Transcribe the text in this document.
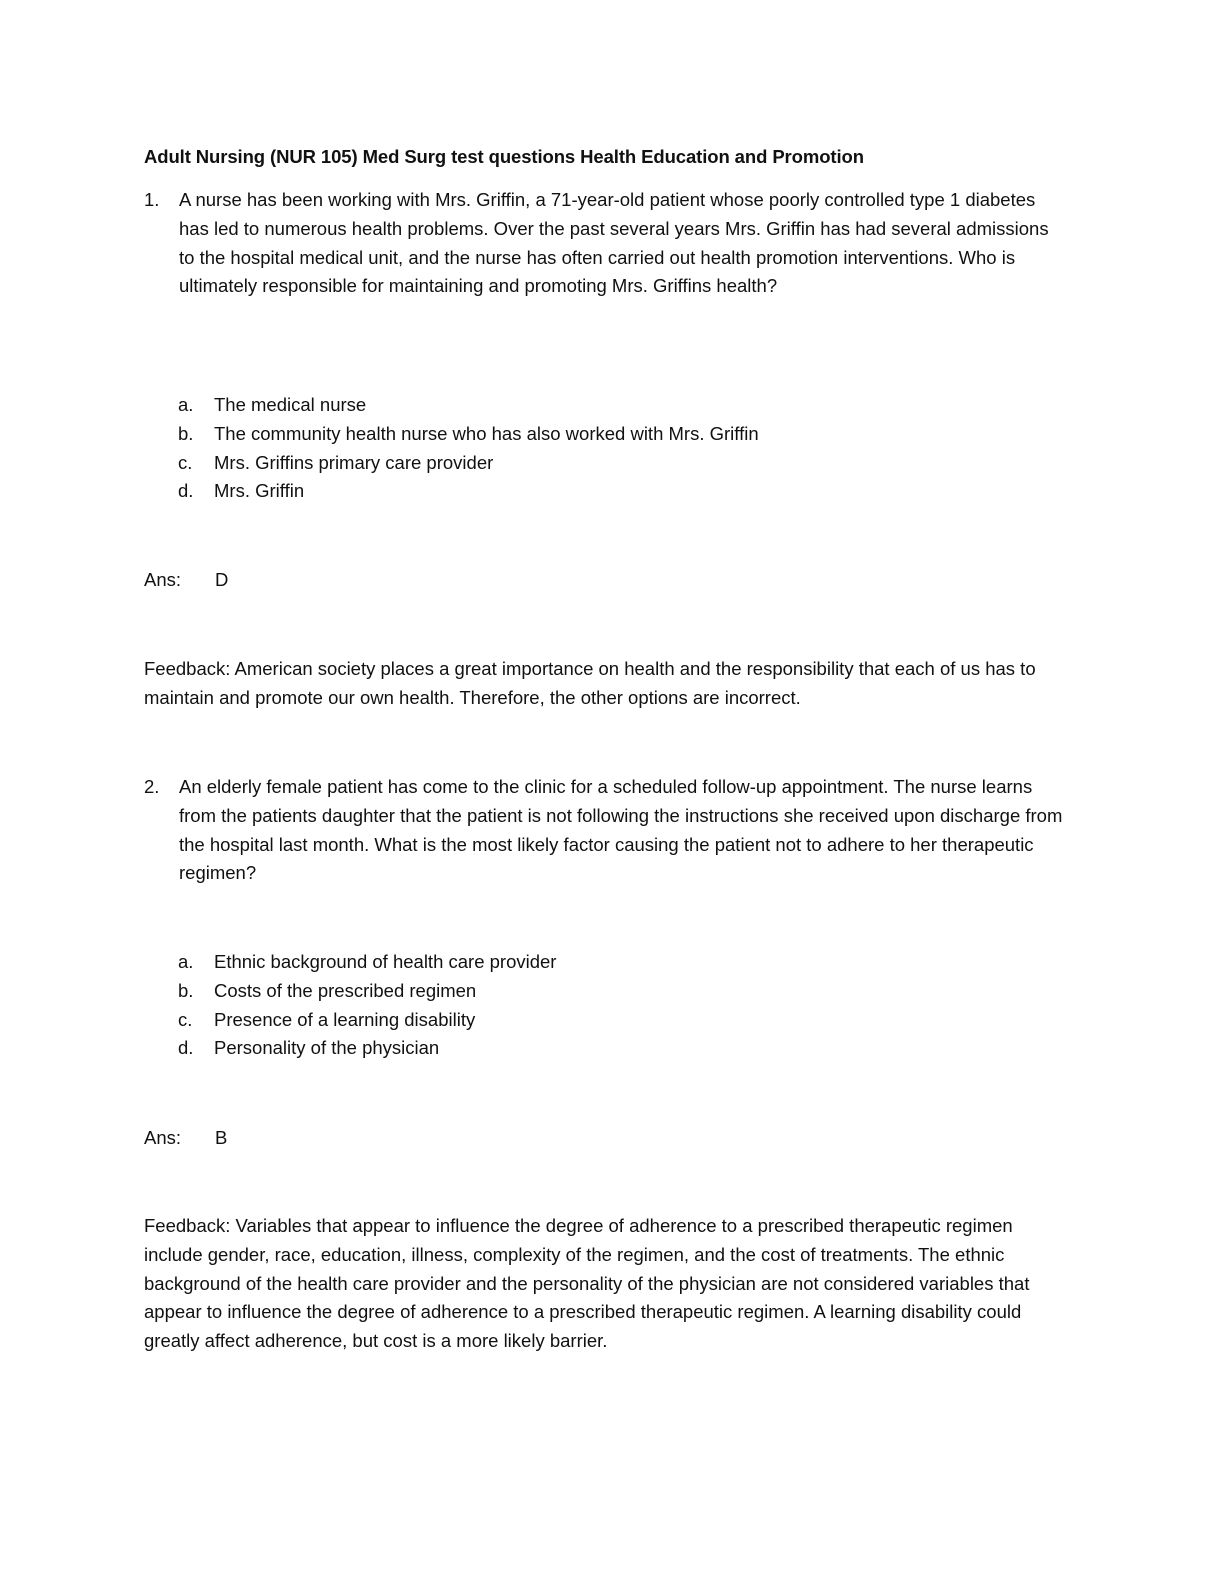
Adult Nursing (NUR 105) Med Surg test questions Health Education and Promotion
1. A nurse has been working with Mrs. Griffin, a 71-year-old patient whose poorly controlled type 1 diabetes has led to numerous health problems. Over the past several years Mrs. Griffin has had several admissions to the hospital medical unit, and the nurse has often carried out health promotion interventions. Who is ultimately responsible for maintaining and promoting Mrs. Griffins health?
a.	The medical nurse
b.	The community health nurse who has also worked with Mrs. Griffin
c.	Mrs. Griffins primary care provider
d.	Mrs. Griffin
Ans: D
Feedback: American society places a great importance on health and the responsibility that each of us has to maintain and promote our own health. Therefore, the other options are incorrect.
2. An elderly female patient has come to the clinic for a scheduled follow-up appointment. The nurse learns from the patients daughter that the patient is not following the instructions she received upon discharge from the hospital last month. What is the most likely factor causing the patient not to adhere to her therapeutic regimen?
a.	Ethnic background of health care provider
b.	Costs of the prescribed regimen
c.	Presence of a learning disability
d.	Personality of the physician
Ans: B
Feedback: Variables that appear to influence the degree of adherence to a prescribed therapeutic regimen include gender, race, education, illness, complexity of the regimen, and the cost of treatments. The ethnic background of the health care provider and the personality of the physician are not considered variables that appear to influence the degree of adherence to a prescribed therapeutic regimen. A learning disability could greatly affect adherence, but cost is a more likely barrier.
